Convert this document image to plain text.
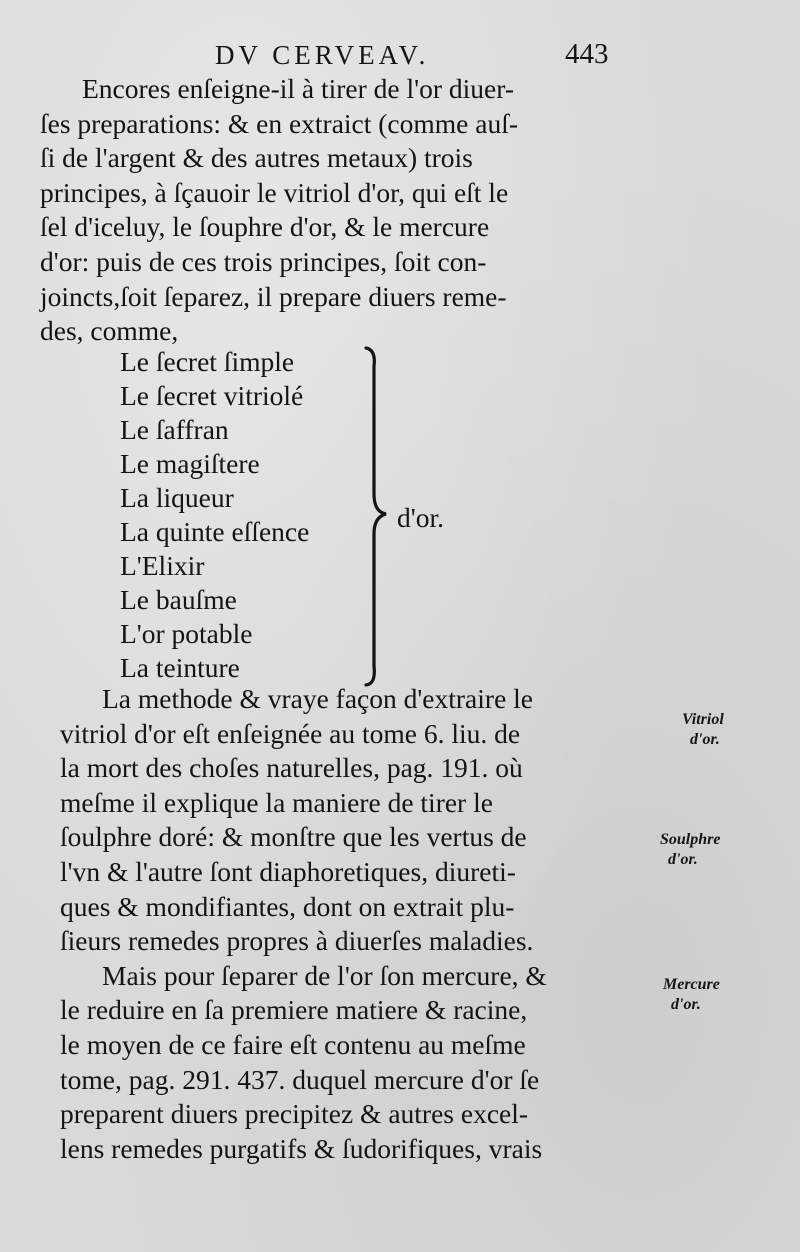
DV CERVEAV.	443
Encores enſeigne-il à tirer de l'or diuer-
ſes preparations: & en extraict (comme auſ-
ſi de l'argent & des autres metaux) trois
principes, à ſçauoir le vitriol d'or, qui eſt le
ſel d'iceluy, le ſouphre d'or, & le mercure
d'or: puis de ces trois principes, ſoit con-
joincts,ſoit ſeparez, il prepare diuers reme-
des, comme,
Le ſecret ſimple
Le ſecret vitriolé
Le ſaffran
Le magiſtere
La liqueur
La quinte eſſence
L'Elixir
Le bauſme
L'or potable
La teinture
d'or.
La methode & vraye façon d'extraire le
vitriol d'or eſt enſeignée au tome 6. liu. de
la mort des choſes naturelles, pag. 191. où
meſme il explique la maniere de tirer le
ſoulphre doré: & monſtre que les vertus de
l'vn & l'autre ſont diaphoretiques, diureti-
ques & mondifiantes, dont on extrait plu-
ſieurs remedes propres à diuerſes maladies.
Mais pour ſeparer de l'or ſon mercure, &
le reduire en ſa premiere matiere & racine,
le moyen de ce faire eſt contenu au meſme
tome, pag. 291. 437. duquel mercure d'or ſe
preparent diuers precipitez & autres excel-
lens remedes purgatifs & ſudorifiques, vrais
Vitriol
d'or.
Soulphre
d'or.
Mercure
d'or.
